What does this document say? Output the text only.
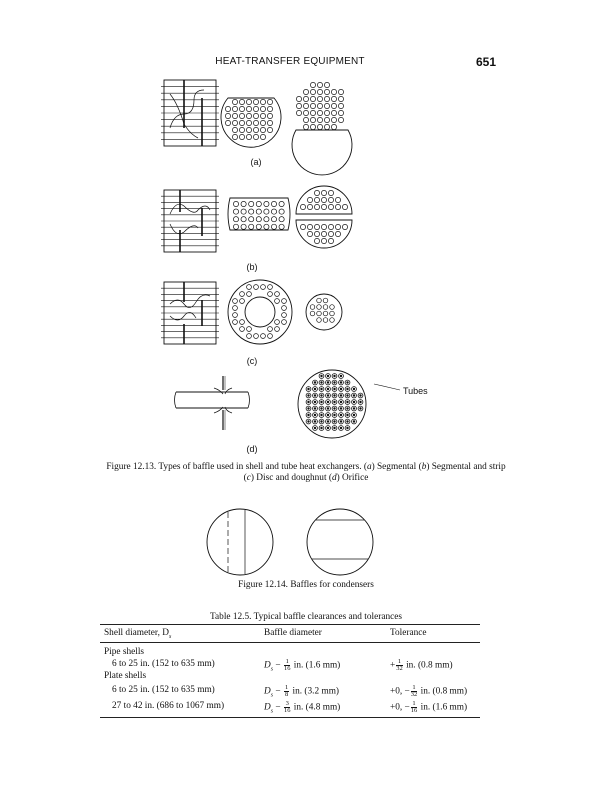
HEAT-TRANSFER EQUIPMENT	651
(a)
(b)
(c)
Tubes
(d)
Figure 12.13. Types of baffle used in shell and tube heat exchangers. (a) Segmental (b) Segmental and strip
(c) Disc and doughnut (d) Orifice
Figure 12.14. Baffles for condensers
Table 12.5. Typical baffle clearances and tolerances
Shell diameter, $D_s$	Baffle diameter	Tolerance
Pipe shells
6 to 25 in. (152 to 635 mm)	$D_s - \frac{1}{16}$ in. (1.6 mm)	+ $\frac{1}{32}$ in. (0.8 mm)
Plate shells
6 to 25 in. (152 to 635 mm)	$D_s - \frac{1}{8}$ in. (3.2 mm)	+0, − $\frac{1}{32}$ in. (0.8 mm)
27 to 42 in. (686 to 1067 mm)	$D_s - \frac{3}{16}$ in. (4.8 mm)	+0, − $\frac{1}{16}$ in. (1.6 mm)
